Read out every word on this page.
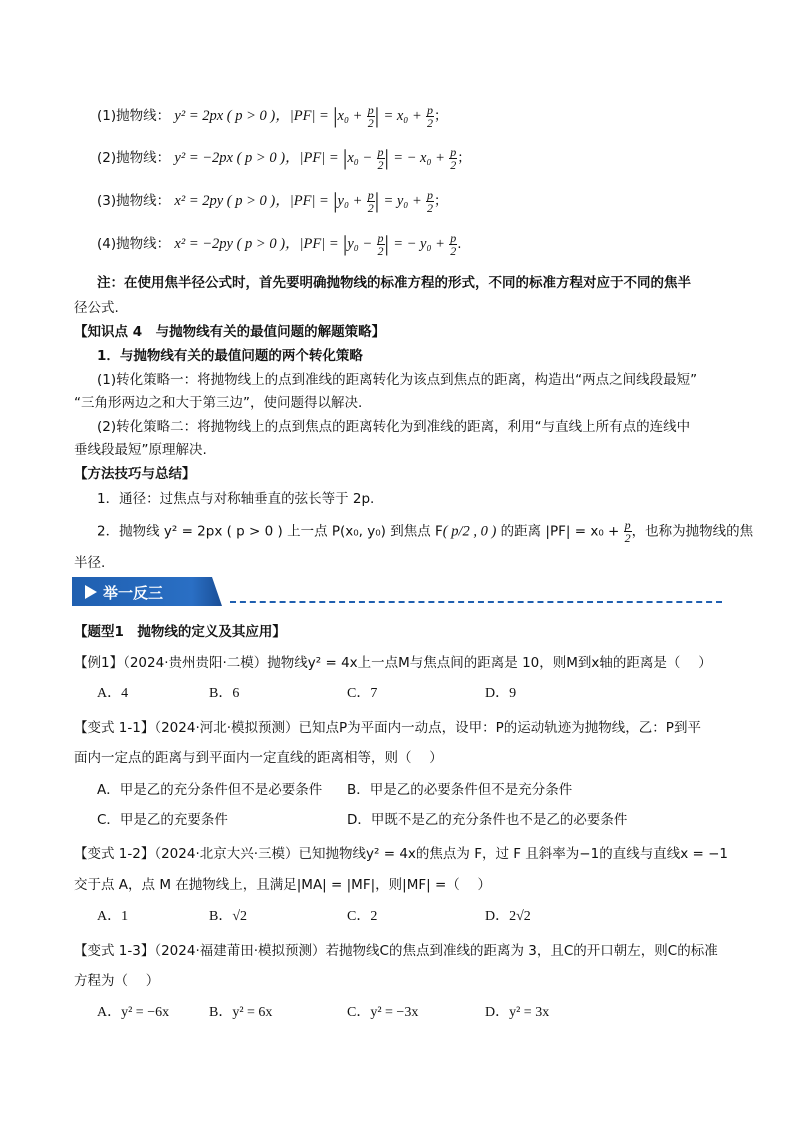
(1)抛物线： y² = 2px ( p > 0 )，$|PF| = |x_0 + \frac{p}{2}$ | = $x_0 + \frac{p}{2}$ ；
(2)抛物线： y² = −2px ( p > 0 )，$|PF| = |x_0 - \frac{p}{2}$ | = − $x_0 + \frac{p}{2}$ ；
(3)抛物线： x² = 2py ( p > 0 )，$|PF| = |y_0 + \frac{p}{2}$ | = $y_0 + \frac{p}{2}$ ；
(4)抛物线： x² = −2py ( p > 0 )，$|PF| = |y_0 - \frac{p}{2}$ | = − $y_0 + \frac{p}{2}$ .
注：在使用焦半径公式时，首先要明确抛物线的标准方程的形式，不同的标准方程对应于不同的焦半
径公式.
【知识点 4　与抛物线有关的最值问题的解题策略】
1．与抛物线有关的最值问题的两个转化策略
(1)转化策略一：将抛物线上的点到准线的距离转化为该点到焦点的距离，构造出“两点之间线段最短”
“三角形两边之和大于第三边”，使问题得以解决.
(2)转化策略二：将抛物线上的点到焦点的距离转化为到准线的距离，利用“与直线上所有点的连线中
垂线段最短”原理解决.
【方法技巧与总结】
1．通径：过焦点与对称轴垂直的弦长等于 2p.
2．抛物线 y² = 2px ( p > 0 ) 上一点 P(x₀, y₀) 到焦点 F( p/2 , 0 ) 的距离 $|PF| = x_0 + \frac{p}{2}$ ，也称为抛物线的焦
半径.
举一反三
【题型1　抛物线的定义及其应用】
【例1】（2024·贵州贵阳·二模）抛物线y² = 4x上一点M与焦点间的距离是 10，则M到x轴的距离是（　 ）
A．4	B．6	C．7	D．9
【变式 1-1】（2024·河北·模拟预测）已知点P为平面内一动点，设甲：P的运动轨迹为抛物线，乙：P到平
面内一定点的距离与到平面内一定直线的距离相等，则（　 ）
A．甲是乙的充分条件但不是必要条件 B．甲是乙的必要条件但不是充分条件
C．甲是乙的充要条件	D．甲既不是乙的充分条件也不是乙的必要条件
【变式 1-2】（2024·北京大兴·三模）已知抛物线y² = 4x的焦点为 F，过 F 且斜率为−1的直线与直线x = −1
交于点 A，点 M 在抛物线上，且满足|MA| = |MF|，则|MF| =（　 ）
A．1	B．√2	C．2	D．2√2
【变式 1-3】（2024·福建莆田·模拟预测）若抛物线C的焦点到准线的距离为 3，且C的开口朝左，则C的标准
方程为（　 ）
A．y² = −6x	B．y² = 6x	C．y² = −3x	D．y² = 3x
